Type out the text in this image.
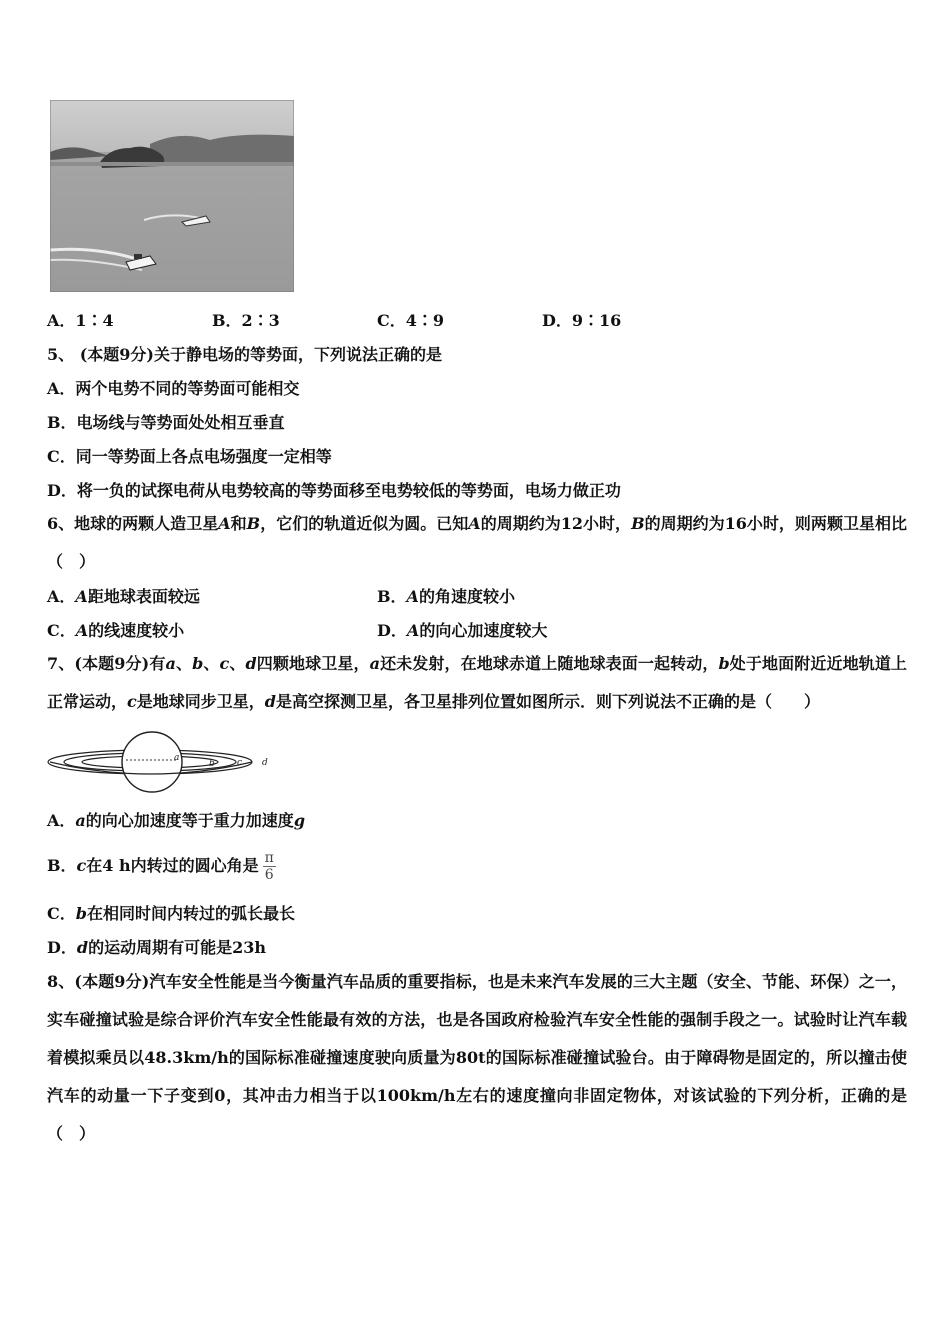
A．1∶4	B．2∶3	C．4∶9	D．9∶16
5、 (本题9分)关于静电场的等势面，下列说法正确的是
A．两个电势不同的等势面可能相交
B．电场线与等势面处处相互垂直
C．同一等势面上各点电场强度一定相等
D．将一负的试探电荷从电势较高的等势面移至电势较低的等势面，电场力做正功
6、地球的两颗人造卫星A和B，它们的轨道近似为圆。已知A的周期约为12小时，B的周期约为16小时，则两颗卫星相比（　）
A．A距地球表面较远	B．A的角速度较小
C．A的线速度较小	D．A的向心加速度较大
7、(本题9分)有a、b、c、d四颗地球卫星，a还未发射，在地球赤道上随地球表面一起转动，b处于地面附近近地轨道上正常运动，c是地球同步卫星，d是高空探测卫星，各卫星排列位置如图所示．则下列说法不正确的是（　　）
a
b c d
A．a的向心加速度等于重力加速度g
B．c在4 h内转过的圆心角是 $\frac{\pi}{6}$
C．b在相同时间内转过的弧长最长
D．d的运动周期有可能是23h
8、(本题9分)汽车安全性能是当今衡量汽车品质的重要指标，也是未来汽车发展的三大主题（安全、节能、环保）之一，实车碰撞试验是综合评价汽车安全性能最有效的方法，也是各国政府检验汽车安全性能的强制手段之一。试验时让汽车载着模拟乘员以48.3km/h的国际标准碰撞速度驶向质量为80t的国际标准碰撞试验台。由于障碍物是固定的，所以撞击使汽车的动量一下子变到0，其冲击力相当于以100km/h左右的速度撞向非固定物体，对该试验的下列分析，正确的是（　）
